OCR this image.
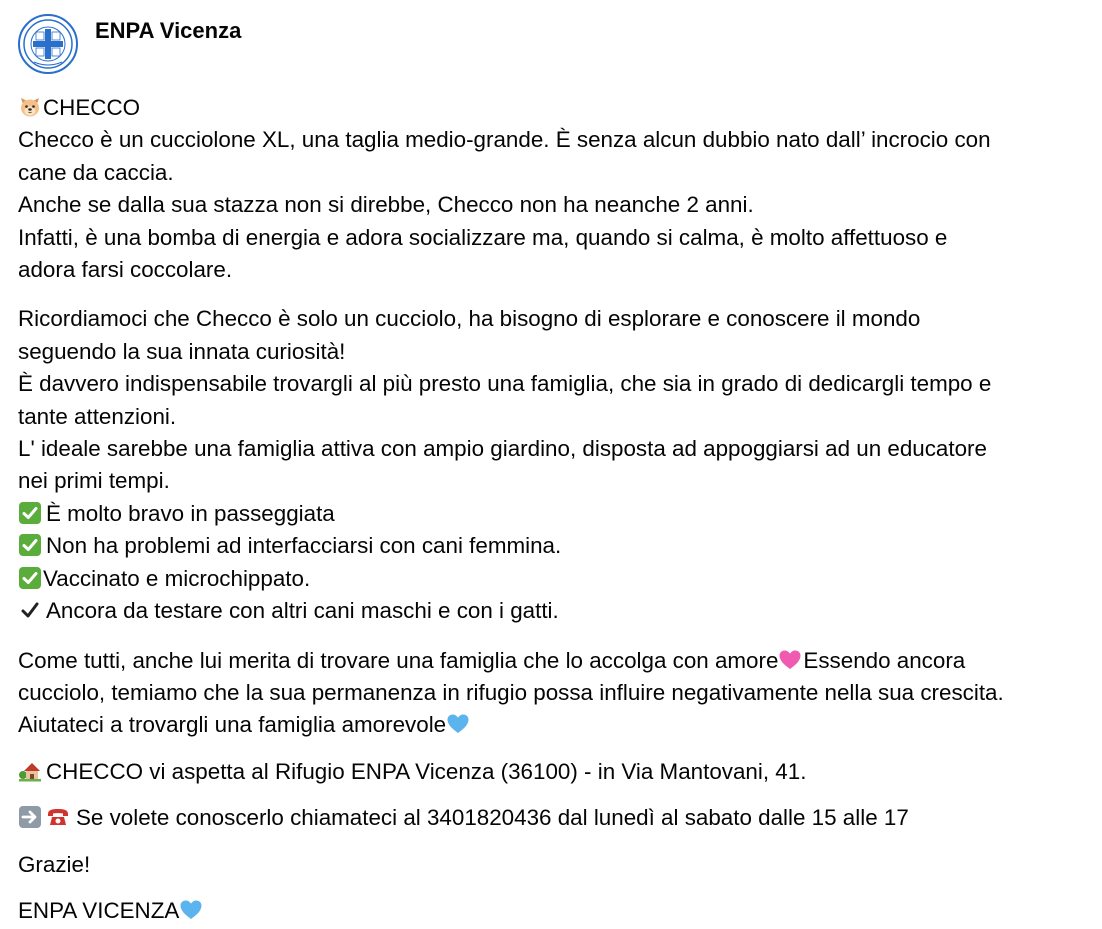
ENPA Vicenza
CHECCO
Checco è un cucciolone XL, una taglia medio-grande. È senza alcun dubbio nato dall’ incrocio con
cane da caccia.
Anche se dalla sua stazza non si direbbe, Checco non ha neanche 2 anni.
Infatti, è una bomba di energia e adora socializzare ma, quando si calma, è molto affettuoso e
adora farsi coccolare.
Ricordiamoci che Checco è solo un cucciolo, ha bisogno di esplorare e conoscere il mondo
seguendo la sua innata curiosità!
È davvero indispensabile trovargli al più presto una famiglia, che sia in grado di dedicargli tempo e
tante attenzioni.
L' ideale sarebbe una famiglia attiva con ampio giardino, disposta ad appoggiarsi ad un educatore
nei primi tempi.
È molto bravo in passeggiata
Non ha problemi ad interfacciarsi con cani femmina.
Vaccinato e microchippato.
Ancora da testare con altri cani maschi e con i gatti.
Come tutti, anche lui merita di trovare una famiglia che lo accolga con amore Essendo ancora
cucciolo, temiamo che la sua permanenza in rifugio possa influire negativamente nella sua crescita.
Aiutateci a trovargli una famiglia amorevole
CHECCO vi aspetta al Rifugio ENPA Vicenza (36100) - in Via Mantovani, 41.
Se volete conoscerlo chiamateci al 3401820436 dal lunedì al sabato dalle 15 alle 17
Grazie!
ENPA VICENZA
